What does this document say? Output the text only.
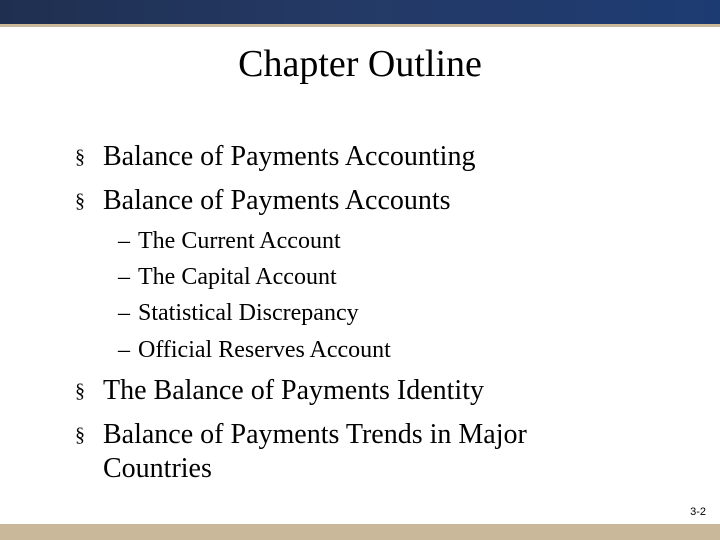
Chapter Outline
§ Balance of Payments Accounting
§ Balance of Payments Accounts
– The Current Account
– The Capital Account
– Statistical Discrepancy
– Official Reserves Account
§ The Balance of Payments Identity
§ Balance of Payments Trends in Major
Countries
3-2
